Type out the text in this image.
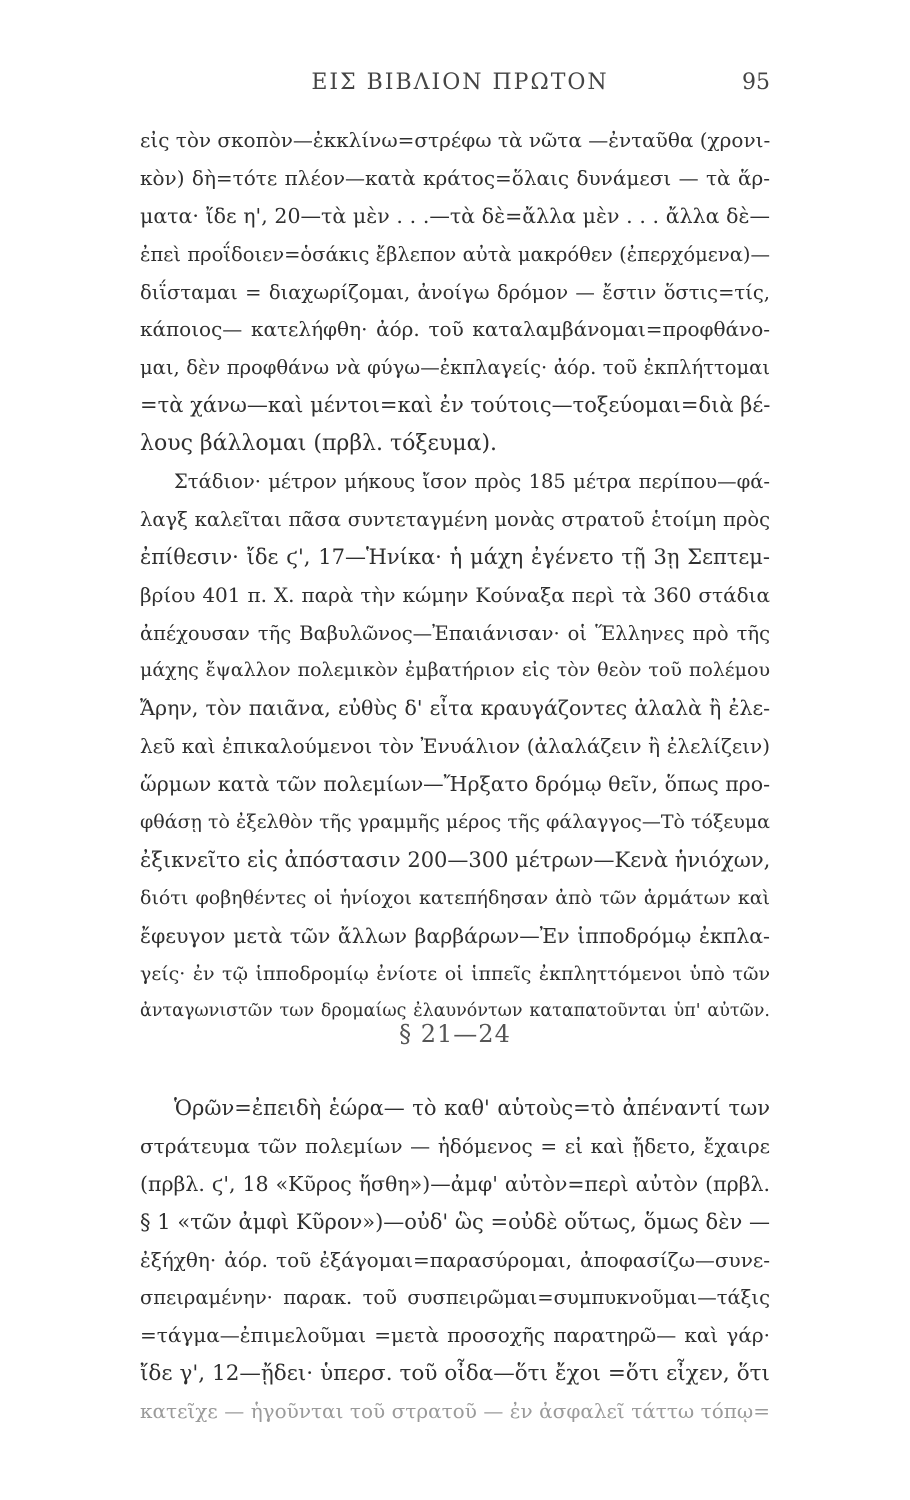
ΕΙΣ ΒΙΒΛΙΟΝ ΠΡΩΤΟΝ	95
εἰς τὸν σκοπὸν—ἐκκλίνω=στρέφω τὰ νῶτα —ἐνταῦθα (χρονι-
κὸν) δὴ=τότε πλέον—κατὰ κράτος=ὅλαις δυνάμεσι — τὰ ἅρ-
ματα· ἴδε η', 20—τὰ μὲν . . .—τὰ δὲ=ἄλλα μὲν . . . ἄλλα δὲ—
ἐπεὶ προΐδοιεν=ὁσάκις ἔβλεπον αὐτὰ μακρόθεν (ἐπερχόμενα)—
διΐσταμαι = διαχωρίζομαι, ἀνοίγω δρόμον — ἔστιν ὅστις=τίς,
κάποιος— κατελήφθη· ἀόρ. τοῦ καταλαμβάνομαι=προφθάνο-
μαι, δὲν προφθάνω νὰ φύγω—ἐκπλαγείς· ἀόρ. τοῦ ἐκπλήττομαι
=τὰ χάνω—καὶ μέντοι=καὶ ἐν τούτοις—τοξεύομαι=διὰ βέ-
λους βάλλομαι (πρβλ. τόξευμα).
Στάδιον· μέτρον μήκους ἴσον πρὸς 185 μέτρα περίπου—φά-
λαγξ καλεῖται πᾶσα συντεταγμένη μονὰς στρατοῦ ἑτοίμη πρὸς
ἐπίθεσιν· ἴδε ϛ', 17—Ἡνίκα· ἡ μάχη ἐγένετο τῇ 3ῃ Σεπτεμ-
βρίου 401 π. Χ. παρὰ τὴν κώμην Κούναξα περὶ τὰ 360 στάδια
ἀπέχουσαν τῆς Βαβυλῶνος—Ἐπαιάνισαν· οἱ Ἕλληνες πρὸ τῆς
μάχης ἔψαλλον πολεμικὸν ἐμβατήριον εἰς τὸν θεὸν τοῦ πολέμου
Ἄρην, τὸν παιᾶνα, εὐθὺς δ' εἶτα κραυγάζοντες ἀλαλὰ ἢ ἐλε-
λεῦ καὶ ἐπικαλούμενοι τὸν Ἐνυάλιον (ἀλαλάζειν ἢ ἐλελίζειν)
ὥρμων κατὰ τῶν πολεμίων—Ἤρξατο δρόμῳ θεῖν, ὅπως προ-
φθάσῃ τὸ ἐξελθὸν τῆς γραμμῆς μέρος τῆς φάλαγγος—Τὸ τόξευμα
ἐξικνεῖτο εἰς ἀπόστασιν 200—300 μέτρων—Κενὰ ἡνιόχων,
διότι φοβηθέντες οἱ ἡνίοχοι κατεπήδησαν ἀπὸ τῶν ἁρμάτων καὶ
ἔφευγον μετὰ τῶν ἄλλων βαρβάρων—Ἐν ἱπποδρόμῳ ἐκπλα-
γείς· ἐν τῷ ἱπποδρομίῳ ἐνίοτε οἱ ἱππεῖς ἐκπληττόμενοι ὑπὸ τῶν
ἀνταγωνιστῶν των δρομαίως ἐλαυνόντων καταπατοῦνται ὑπ' αὐτῶν.
§ 21—24
Ὁρῶν=ἐπειδὴ ἑώρα— τὸ καθ' αὑτοὺς=τὸ ἀπέναντί των
στράτευμα τῶν πολεμίων — ἡδόμενος = εἰ καὶ ᾔδετο, ἔχαιρε
(πρβλ. ϛ', 18 «Κῦρος ἥσθη»)—ἀμφ' αὐτὸν=περὶ αὐτὸν (πρβλ.
§ 1 «τῶν ἀμφὶ Κῦρον»)—οὐδ' ὣς =οὐδὲ οὕτως, ὅμως δὲν —
ἐξήχθη· ἀόρ. τοῦ ἐξάγομαι=παρασύρομαι, ἀποφασίζω—συνε-
σπειραμένην· παρακ. τοῦ συσπειρῶμαι=συμπυκνοῦμαι—τάξις
=τάγμα—ἐπιμελοῦμαι =μετὰ προσοχῆς παρατηρῶ— καὶ γάρ·
ἴδε γ', 12—ᾔδει· ὑπερσ. τοῦ οἶδα—ὅτι ἔχοι =ὅτι εἶχεν, ὅτι
κατεῖχε — ἡγοῦνται τοῦ στρατοῦ — ἐν ἀσφαλεῖ τάττω τόπῳ=
